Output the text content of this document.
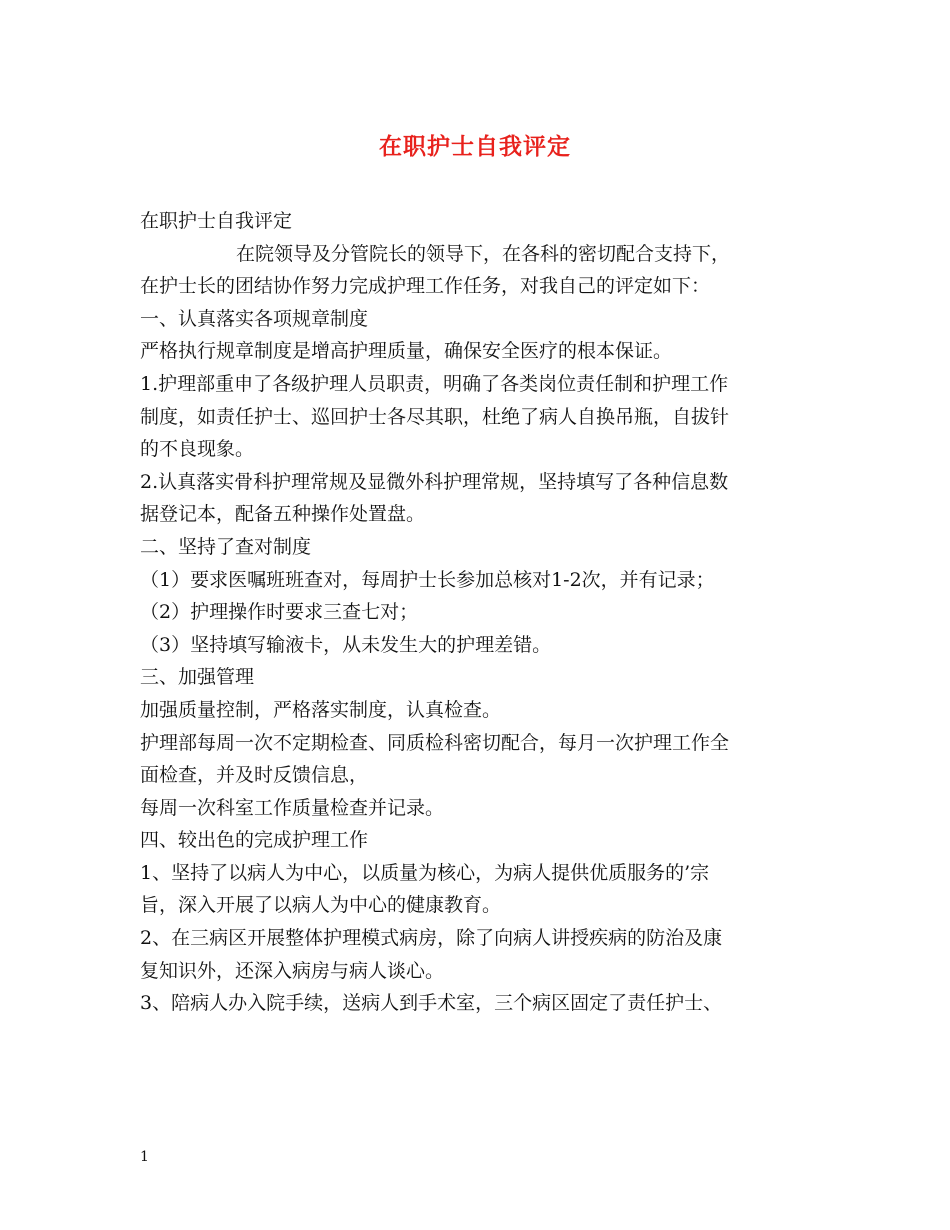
在职护士自我评定
在职护士自我评定
在院领导及分管院长的领导下，在各科的密切配合支持下，
在护士长的团结协作努力完成护理工作任务，对我自己的评定如下：
一、认真落实各项规章制度
严格执行规章制度是增高护理质量，确保安全医疗的根本保证。
1.护理部重申了各级护理人员职责，明确了各类岗位责任制和护理工作
制度，如责任护士、巡回护士各尽其职，杜绝了病人自换吊瓶，自拔针
的不良现象。
2.认真落实骨科护理常规及显微外科护理常规，坚持填写了各种信息数
据登记本，配备五种操作处置盘。
二、坚持了查对制度
（1）要求医嘱班班查对，每周护士长参加总核对1-2次，并有记录；
（2）护理操作时要求三查七对；
（3）坚持填写输液卡，从未发生大的护理差错。
三、加强管理
加强质量控制，严格落实制度，认真检查。
护理部每周一次不定期检查、同质检科密切配合，每月一次护理工作全
面检查，并及时反馈信息，
每周一次科室工作质量检查并记录。
四、较出色的完成护理工作
1、坚持了以病人为中心，以质量为核心，为病人提供优质服务的’宗
旨，深入开展了以病人为中心的健康教育。
2、在三病区开展整体护理模式病房，除了向病人讲授疾病的防治及康
复知识外，还深入病房与病人谈心。
3、陪病人办入院手续，送病人到手术室，三个病区固定了责任护士、
1
